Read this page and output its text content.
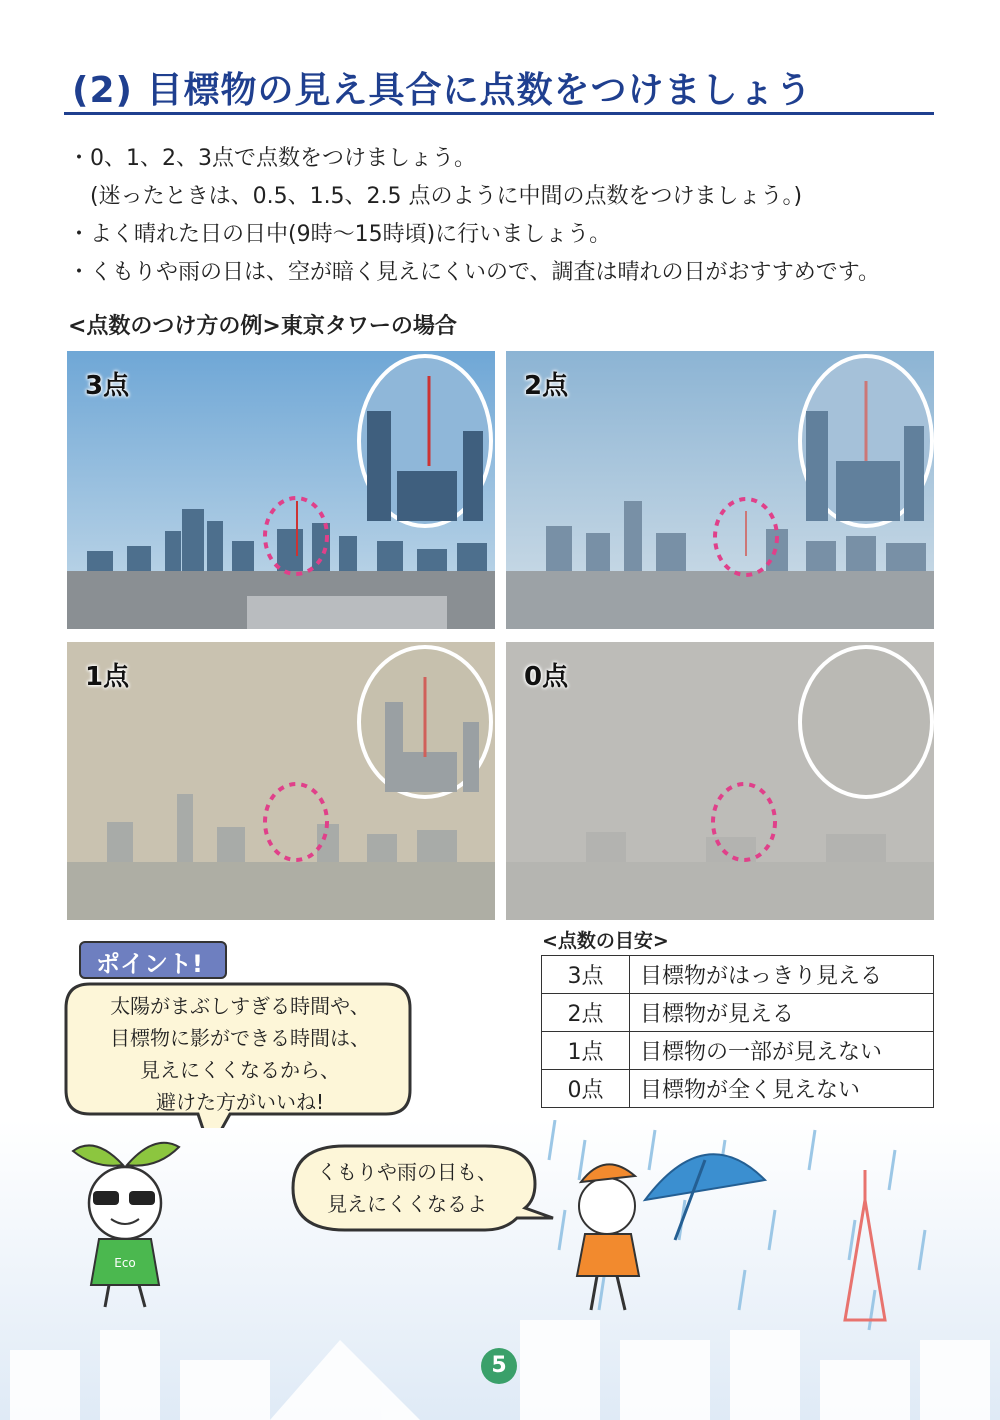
(2) 目標物の見え具合に点数をつけましょう
・0、1、2、3点で点数をつけましょう。
　(迷ったときは、0.5、1.5、2.5 点のように中間の点数をつけましょう。)
・よく晴れた日の日中(9時〜15時頃)に行いましょう。
・くもりや雨の日は、空が暗く見えにくいので、調査は晴れの日がおすすめです。
<点数のつけ方の例>東京タワーの場合
3点	2点
1点	0点
<点数の目安>
3点	目標物がはっきり見える
2点	目標物が見える
1点	目標物の一部が見えない
0点	目標物が全く見えない
太陽がまぶしすぎる時間や、
目標物に影ができる時間は、
見えにくくなるから、
避けた方がいいね!
ポイント!
Eco
くもりや雨の日も、
見えにくくなるよ
5
